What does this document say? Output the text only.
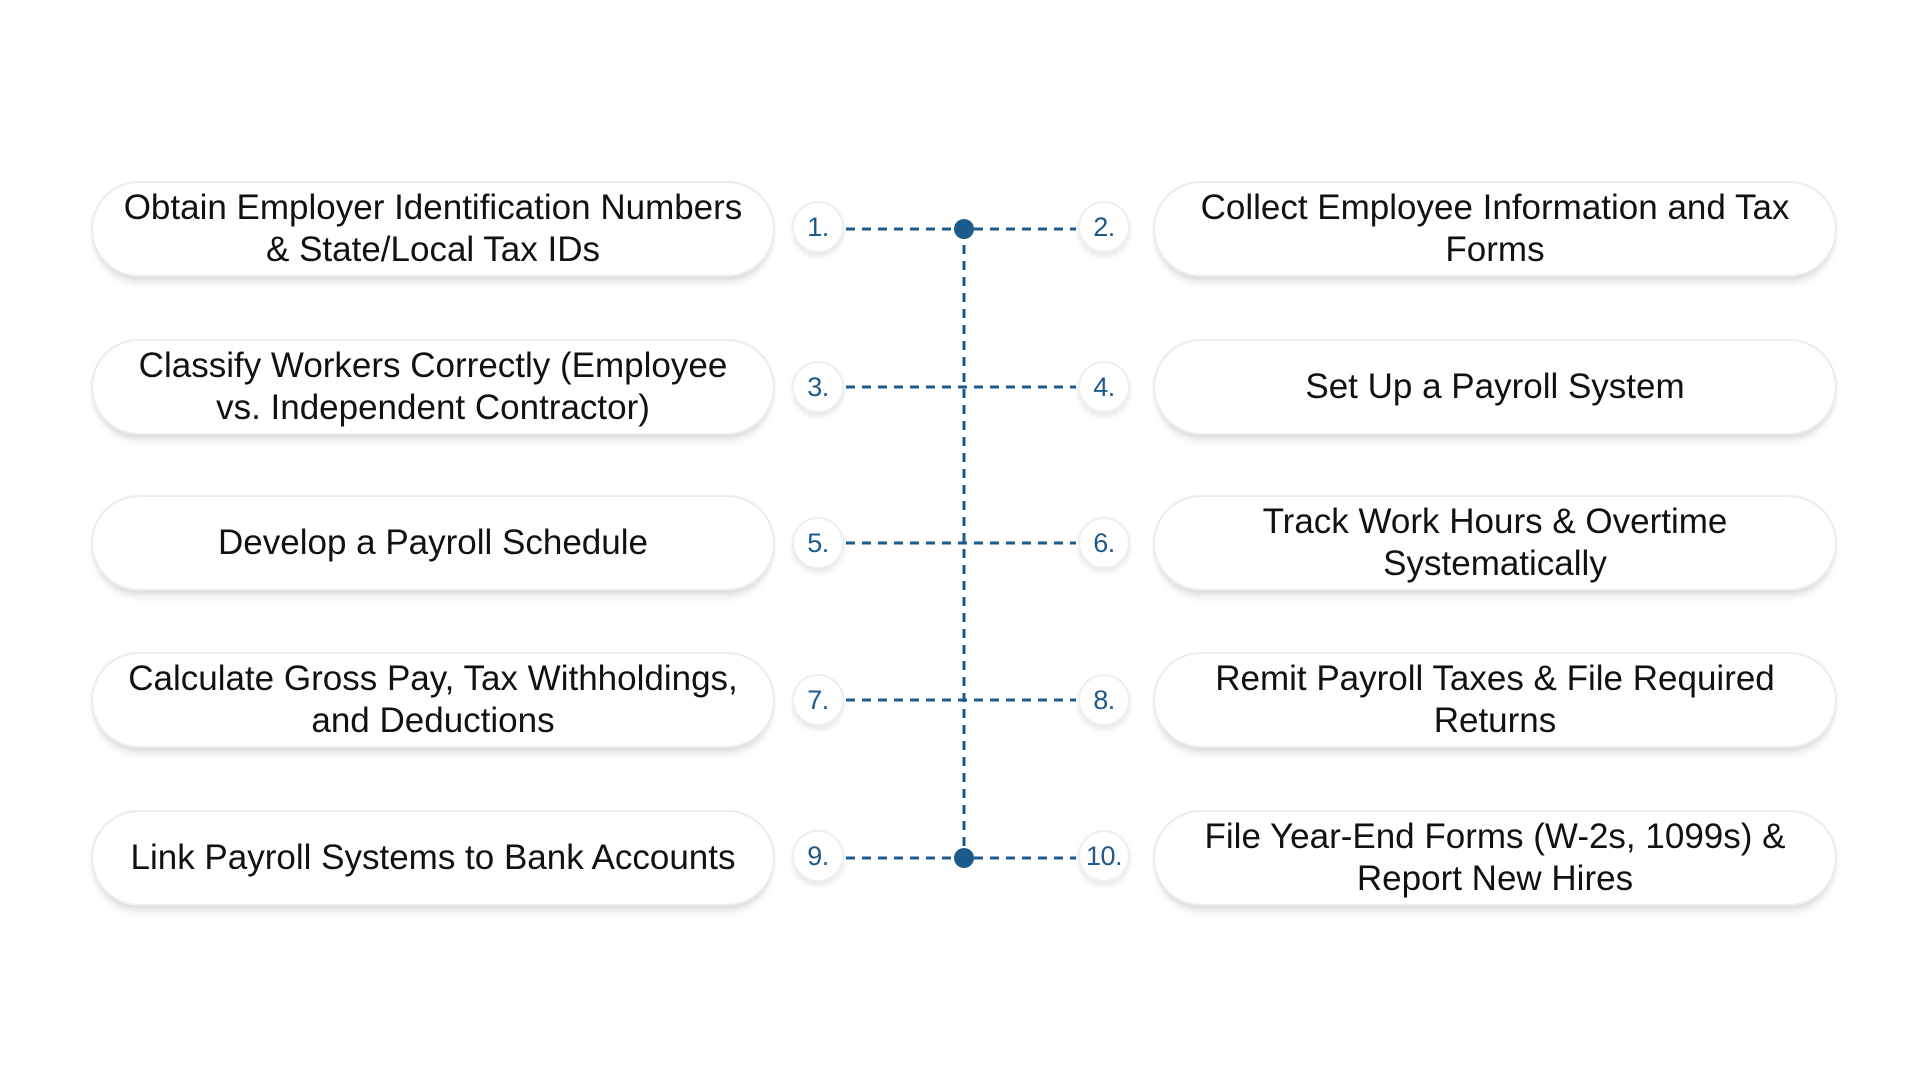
Obtain Employer Identification Numbers & State/Local Tax IDs
1.	2.	Collect Employee Information and Tax Forms
Classify Workers Correctly (Employee vs. Independent Contractor)
3.	4.	Set Up a Payroll System
Develop a Payroll Schedule	5.	6.
Track Work Hours & Overtime Systematically
Calculate Gross Pay, Tax Withholdings, and Deductions
7.	8.
Remit Payroll Taxes & File Required Returns
Link Payroll Systems to Bank Accounts	9.	10.	File Year-End Forms (W-2s, 1099s) & Report New Hires
